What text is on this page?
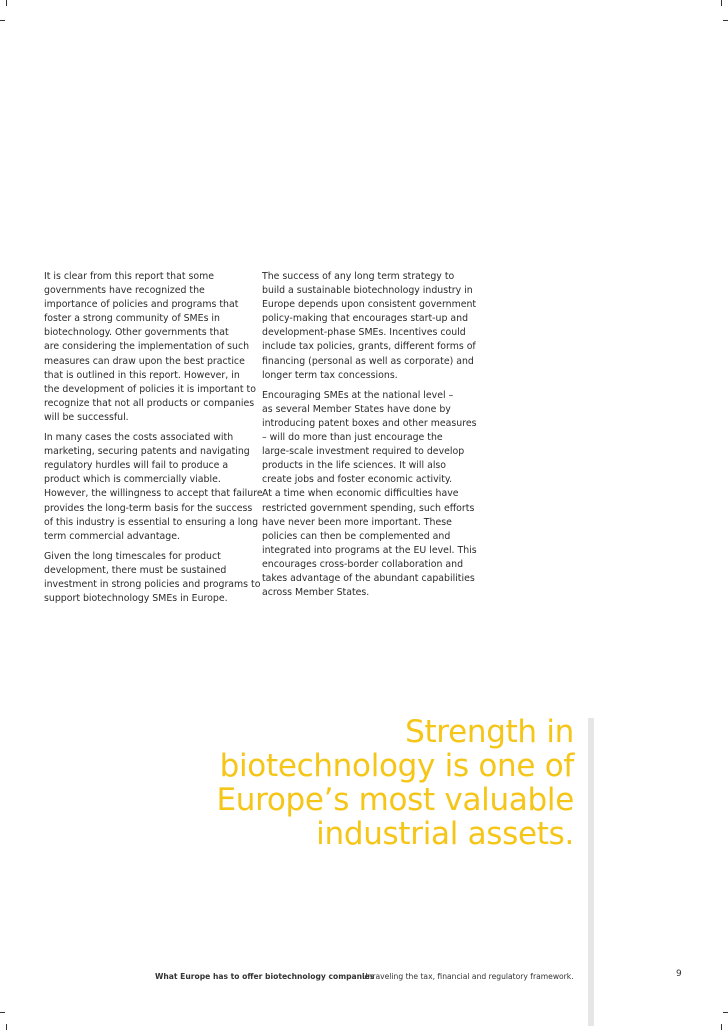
It is clear from this report that some
governments have recognized the
importance of policies and programs that
foster a strong community of SMEs in
biotechnology. Other governments that
are considering the implementation of such
measures can draw upon the best practice
that is outlined in this report. However, in
the development of policies it is important to
recognize that not all products or companies
will be successful.

In many cases the costs associated with
marketing, securing patents and navigating
regulatory hurdles will fail to produce a
product which is commercially viable.
However, the willingness to accept that failure
provides the long-term basis for the success
of this industry is essential to ensuring a long
term commercial advantage.

Given the long timescales for product
development, there must be sustained
investment in strong policies and programs to
support biotechnology SMEs in Europe.

The success of any long term strategy to
build a sustainable biotechnology industry in
Europe depends upon consistent government
policy-making that encourages start-up and
development-phase SMEs. Incentives could
include tax policies, grants, different forms of
financing (personal as well as corporate) and
longer term tax concessions.

Encouraging SMEs at the national level –
as several Member States have done by
introducing patent boxes and other measures
– will do more than just encourage the
large-scale investment required to develop
products in the life sciences. It will also
create jobs and foster economic activity.
At a time when economic difficulties have
restricted government spending, such efforts
have never been more important. These
policies can then be complemented and
integrated into programs at the EU level. This
encourages cross-border collaboration and
takes advantage of the abundant capabilities
across Member States.

Strength in
biotechnology is one of
Europe’s most valuable
industrial assets.
What Europe has to offer biotechnology companies
Unraveling the tax, financial and regulatory framework.	9
